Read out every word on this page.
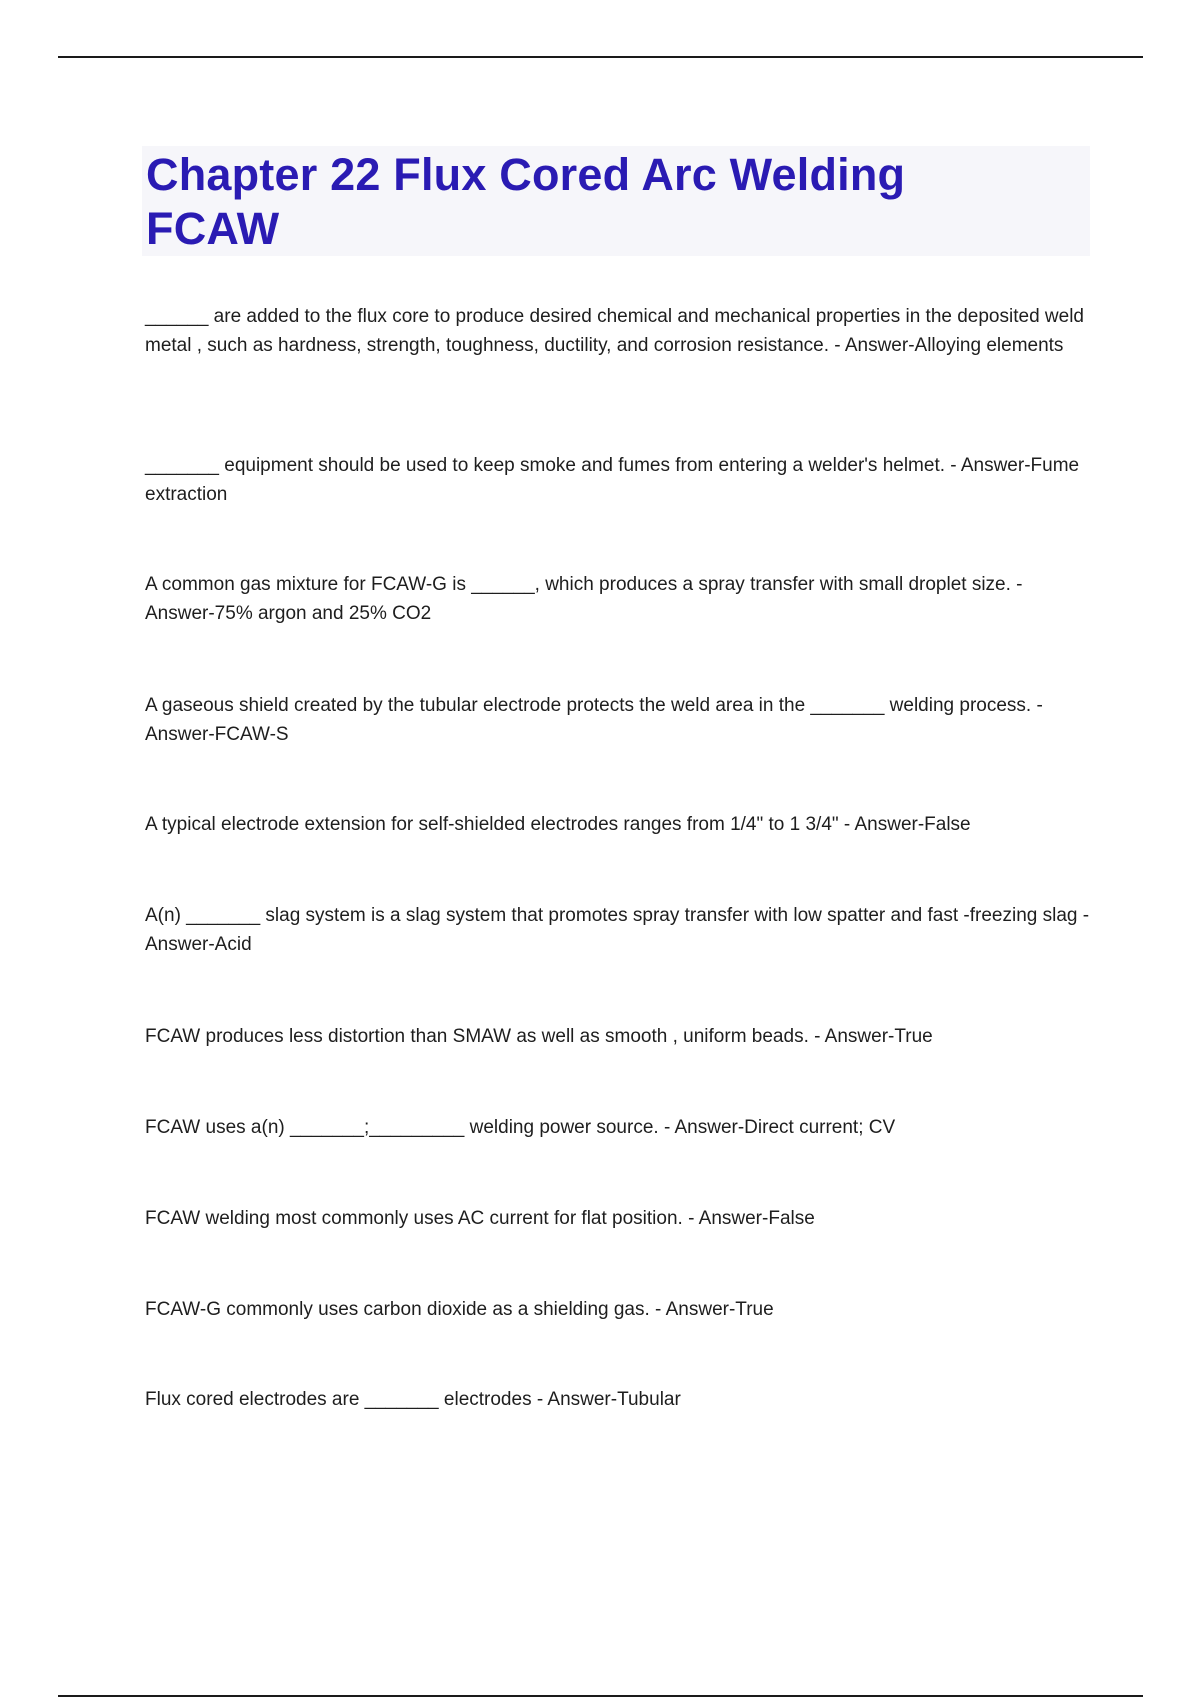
Chapter 22 Flux Cored Arc Welding FCAW

______ are added to the flux core to produce desired chemical and mechanical properties in the deposited weld metal , such as hardness, strength, toughness, ductility, and corrosion resistance. - Answer-Alloying elements

_______ equipment should be used to keep smoke and fumes from entering a welder's helmet. - Answer-Fume extraction

A common gas mixture for FCAW-G is ______, which produces a spray transfer with small droplet size. - Answer-75% argon and 25% CO2

A gaseous shield created by the tubular electrode protects the weld area in the _______ welding process. - Answer-FCAW-S

A typical electrode extension for self-shielded electrodes ranges from 1/4" to 1 3/4" - Answer-False

A(n) _______ slag system is a slag system that promotes spray transfer with low spatter and fast -freezing slag - Answer-Acid

FCAW produces less distortion than SMAW as well as smooth , uniform beads. - Answer-True

FCAW uses a(n) _______;_________ welding power source. - Answer-Direct current; CV

FCAW welding most commonly uses AC current for flat position. - Answer-False

FCAW-G commonly uses carbon dioxide as a shielding gas. - Answer-True

Flux cored electrodes are _______ electrodes - Answer-Tubular
